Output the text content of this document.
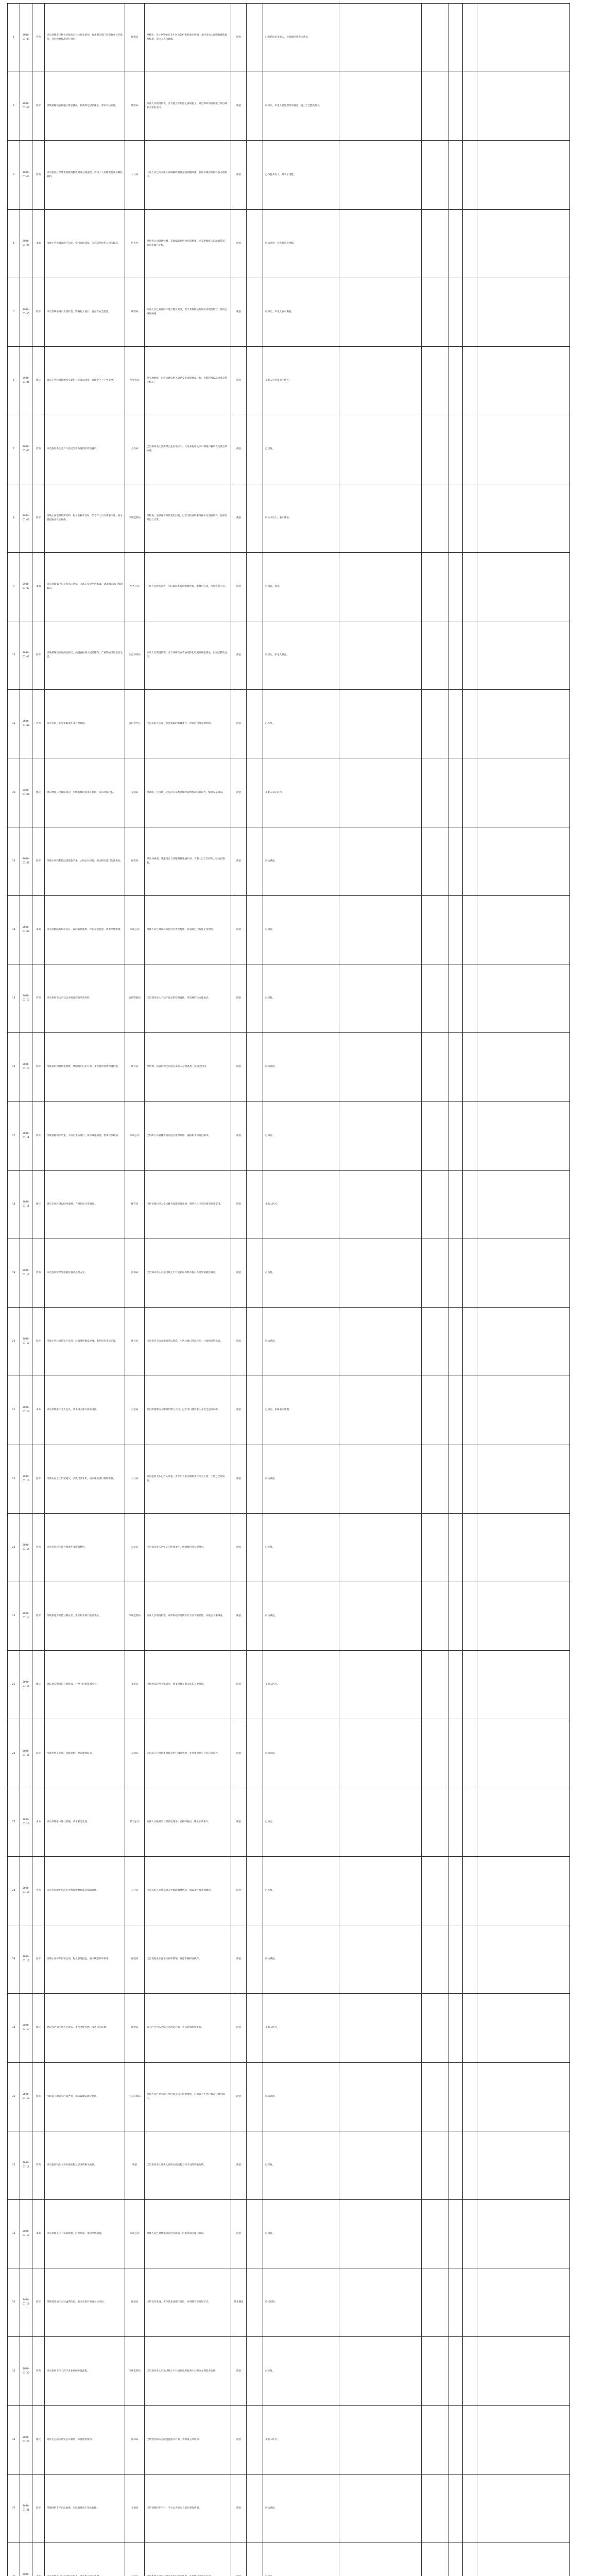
1	2020-01-03	咨询	来电反映小区物业未按约定公示收支情况，要求相关部门督促物业公开账目，并对收费标准进行说明。	住建局	经核实，该小区物业已在小区公告栏张贴收支明细，并向来电人说明收费依据及标准，来电人表示理解。	满意		已电话回访来电人，对处理结果表示满意。					
2	2020-01-03	投诉	反映某路段夜间施工噪音扰民，影响周边居民休息，要求尽快处理。	城管局	执法人员现场检查，责令施工单位停止夜间施工，并告知如需夜间施工须办理相关审批手续。	满意		经回访，来电人对处理结果满意，施工方已整改到位。					
3	2020-01-04	咨询	来电咨询社保缴费基数调整政策及办理流程，询问个人补缴需要准备哪些材料。	人社局	工作人员已向来电人详细解释缴费基数调整政策，告知补缴所需材料及办理窗口。	满意		已答复来电人，其表示清楚。					
4	2020-01-04	求助	反映小区供暖温度不达标，室内温度较低，多次联系供热公司未解决。	供热办	经供热公司现场检测，室温偏低原因为管道堵塞，已安排维修人员疏通管道，目前室温已达标。	满意		回访满意，已恢复正常供暖。					
5	2020-01-05	投诉	来电反映某商户占道经营，影响行人通行，且存在安全隐患。	城管局	执法人员已对该商户进行教育劝导，责令其将物品搬回店内规范经营，现场已恢复畅通。	满意		经回访，来电人表示满意。					
6	2020-01-05	建议	建议在学校周边增设交通信号灯及减速带，保障学生上下学安全。	交警大队	经实地勘察，已将该建议纳入道路安全设施建设计划，近期将增设减速带及警示标志。	满意		来电人对答复表示认可。					
7	2020-01-06	咨询	来电咨询新生儿户口登记需要办理的手续及材料。	公安局	已告知来电人需携带出生医学证明、父母身份证及户口簿到户籍所在地派出所办理。	满意		已答复。					
8	2020-01-06	投诉	反映小区电梯经常故障，物业维修不及时，给老年人出行带来不便，要求督促物业尽快维修。	市场监管局	经检查，电梯存在部件老化问题，已责令物业联系维保单位更换部件，目前电梯运行正常。	满意		回访来电人，表示满意。					
9	2020-01-07	求助	来电反映家中自来水水压过低，无法正常使用热水器，请求相关部门帮助解决。	水务公司	工作人员现场查看，水压偏低系管网维修所致，维修已完成，水压恢复正常。	满意		已回访，满意。					
10	2020-01-07	投诉	反映某餐馆油烟排放扰民，油烟直接排入居民楼内，严重影响周边居民生活。	生态环境局	执法人员现场检查，责令该餐馆安装油烟净化设施并规范排放，目前已整改完毕。	满意		经回访，来电人满意。					
11	2020-01-08	咨询	来电咨询公积金提取条件及办理时限。	公积金中心	已向来电人告知公积金提取的具体条件、所需材料及办理时限。	满意		已答复。					
12	2020-01-08	建议	建议增加公交线路班次，早晚高峰时段乘车拥挤，等车时间较长。	交通局	经调研，已协调公交公司在早晚高峰时段增加该线路运力，缩短发车间隔。	满意		来电人表示认可。					
13	2020-01-09	投诉	反映小区内私搭乱建现象严重，占用公共绿地，要求相关部门依法查处。	城管局	经现场核查，该违建已下达限期拆除通知书，当事人已自行拆除，绿地已恢复。	满意		回访满意。					
14	2020-01-09	求助	来电反映路灯损坏多日，夜间道路漆黑，存在安全隐患，请求尽快维修。	市政公司	维修人员已对损坏路灯进行更换维修，目前路灯已恢复正常照明。	满意		已回访。					
15	2020-01-10	咨询	来电咨询不动产登记办理流程及所需材料。	自然资源局	已告知来电人不动产登记的办理流程、所需材料及办理地点。	满意		已答复。					
16	2020-01-10	投诉	反映某培训机构退费难，缴纳费用后未开课，多次要求退费均遭拒绝。	教育局	经协调，培训机构已同意为来电人办理退费，款项已退回。	满意		回访满意。					
17	2020-01-11	投诉	反映道路积水严重，下雨后无法通行，排水设施堵塞，要求尽快疏通。	市政公司	已组织人员对排水管道进行清淤疏通，道路积水问题已解决。	满意		已回访。					
18	2020-01-11	建议	建议在社区增设健身器材，方便居民日常锻炼。	体育局	已将该建议纳入全民健身设施建设计划，将结合社区实际情况统筹安排。	满意		来电人认可。					
19	2020-01-12	咨询	来电咨询医保异地就医备案办理方式。	医保局	已告知来电人可通过线上平台或到医保经办窗口办理异地就医备案。	满意		已答复。					
20	2020-01-12	投诉	反映小区垃圾清运不及时，垃圾堆积散发异味，影响居民生活环境。	环卫处	已督促环卫公司增加清运频次，小区垃圾已清运完毕，并加强日常巡查。	满意		回访满意。					
21	2020-01-13	求助	来电反映家中老人走失，请求相关部门协助寻找。	公安局	派出所接警后立即组织警力寻找，已于当日找到老人并安全送回家中。	满意		已回访，家属表示感谢。					
22	2020-01-13	投诉	反映农民工工资被拖欠，多次讨要未果，请求相关部门帮助维权。	人社局	劳动监察大队已介入调查，责令用人单位限期支付所欠工资，工资已全部发放。	满意		回访满意。					
23	2020-01-14	咨询	来电咨询居住证办理条件及所需材料。	公安局	已告知来电人居住证的申领条件、所需材料及办理地点。	满意		已答复。					
24	2020-01-14	投诉	反映某超市销售过期食品，要求相关部门依法查处。	市场监管局	执法人员现场检查，对涉事超市过期食品予以下架销毁，并依法立案调查。	满意		回访满意。					
25	2020-01-15	建议	建议延长图书馆开放时间，方便上班族借阅图书。	文旅局	已将建议转图书馆研究，图书馆将在周末延长开放时间。	满意		来电人认可。					
26	2020-01-15	投诉	反映出租车拒载、绕路现象，要求加强监管。	交通局	运管部门已对涉事驾驶员进行调查处理，并加强出租车行业日常监管。	满意		回访满意。					
27	2020-01-16	求助	来电反映家中燃气泄漏，请求紧急处理。	燃气公司	抢修人员接报后及时到达现场，已排除漏点，恢复正常供气。	满意		已回访。					
28	2020-01-16	咨询	来电咨询城乡居民养老保险缴费标准及领取条件。	人社局	已向来电人详细说明养老保险缴费档次、领取条件及办理流程。	满意		已答复。					
29	2020-01-17	投诉	反映小区停车位被占用，物业管理混乱，要求规范停车秩序。	住建局	已督促物业加强小区停车管理，规范车辆停放秩序。	满意		回访满意。					
30	2020-01-17	建议	建议对老旧小区进行改造，更换老化管网，改善居住环境。	住建局	该小区已列入老旧小区改造计划，将按计划组织实施。	满意		来电人认可。					
31	2020-01-18	投诉	反映某工地扬尘污染严重，未采取覆盖降尘措施。	生态环境局	执法人员已责令施工单位落实扬尘防治措施，对裸露土方进行覆盖并洒水降尘。	满意		回访满意。					
32	2020-01-18	咨询	来电咨询残疾人证办理流程及享受的相关政策。	残联	已告知来电人残疾人证的办理流程及可享受的补贴政策。	满意		已答复。					
33	2020-01-19	求助	来电反映小区下水道堵塞，污水外溢，请求尽快疏通。	市政公司	维修人员已对堵塞管道进行疏通，污水外溢问题已解决。	满意		已回访。					
34	2020-01-19	投诉	反映某房地产公司逾期交房，要求督促开发商尽快交付。	住建局	已约谈开发商，责令其加快施工进度，并明确交房时间节点。	基本满意		持续跟进。					
35	2020-01-20	咨询	来电咨询个体工商户营业执照办理流程。	市场监管局	已告知来电人可通过线上平台或到政务服务中心窗口办理营业执照。	满意		已答复。					
36	2020-01-20	建议	建议在公园内增设公共厕所，方便游客使用。	园林局	已将建议纳入公园设施提升计划，将增设公共厕所。	满意		来电人认可。					
37	2020-01-21	投诉	反映网约车平台乱收费，实际收费高于预估价格。	交通局	已约谈网约车平台，平台已为来电人退还多收费用。	满意		回访满意。					
	2020-												
